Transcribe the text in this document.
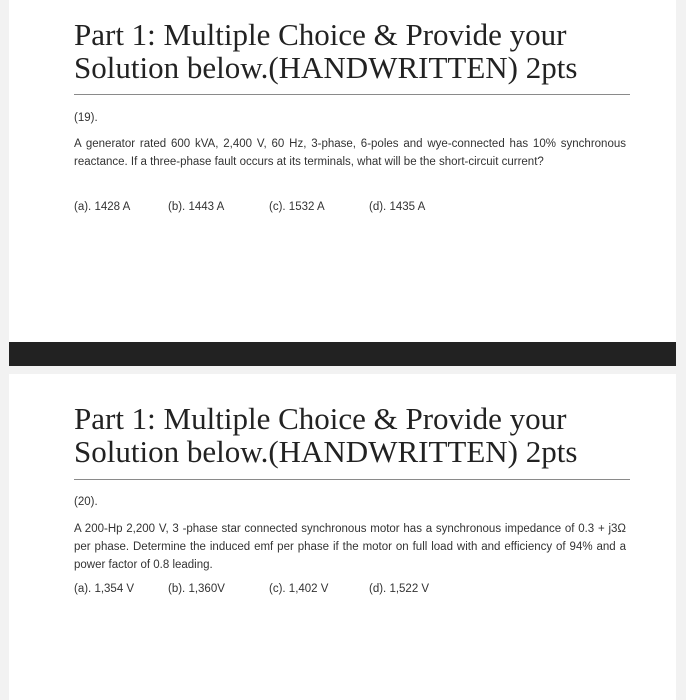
Part 1: Multiple Choice & Provide your Solution below.(HANDWRITTEN) 2pts
(19).

A generator rated 600 kVA, 2,400 V, 60 Hz, 3-phase, 6-poles and wye-connected has 10% synchronous reactance. If a three-phase fault occurs at its terminals, what will be the short-circuit current?

(a). 1428 A	(b). 1443 A	(c). 1532 A	(d). 1435 A
Part 1: Multiple Choice & Provide your Solution below.(HANDWRITTEN) 2pts
(20).

A 200-Hp 2,200 V, 3 -phase star connected synchronous motor has a synchronous impedance of 0.3 + j3Ω per phase. Determine the induced emf per phase if the motor on full load with and efficiency of 94% and a power factor of 0.8 leading.

(a). 1,354 V	(b). 1,360V	(c). 1,402 V	(d). 1,522 V
